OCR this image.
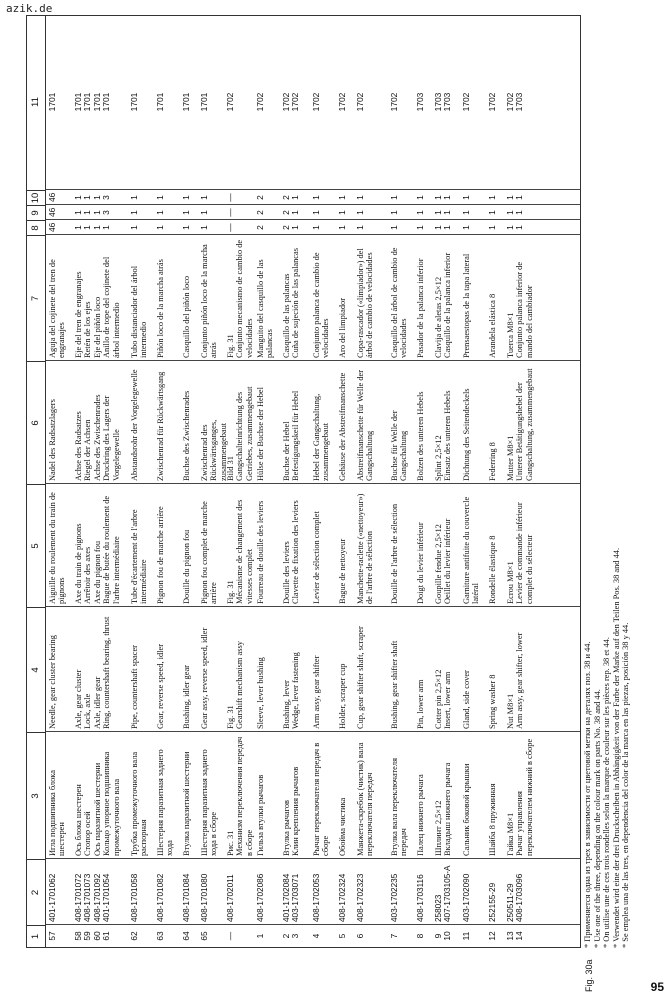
azik.de
1
2
3
4
5
6
7
8
9
10
11
57
401-1701062
Игла подшипника блока шестерен
Needle, gear cluster bearing
Aiguille du roulement du train de pignons
Nadel des Radsatzlagers
Aguja del cojinete del tren de engranajes
46
46
46
1701
58
59
60
61
408-1701072
408-1701073
408-1701092
401-1701054
Ось блока шестерен
Стопор осей
Ось паразитной шестерни
Кольцо упорное подшипника промежуточного вала
Axle, gear cluster
Lock, axle
Axle, idler gear
Ring, countershaft bearing, thrust
Axe du train de pignons
Arrêtoir des axes
Axe du pignon fou
Bague de butée du roulement de l'arbre intermédiaire
Achse des Radsatzes
Riegel der Achsen
Achse des Zwischenrades
Druckring des Lagers der Vorgelegewelle
Eje del tren de engranajes
Retén de los ejes
Eje del piñón loco
Anillo de tope del cojinete del árbol intermedio
1
1
1
1
1
1
1
3
1
1
1
3
1701
1701
1701
1701
62
408-1701058
Трубка промежуточного вала распорная
Pipe, countershaft spacer
Tube d'écartement de l'arbre intermédiaire
Abstandsrohr der Vorgelegewelle
Tubo distanciador del árbol intermedio
1
1
1
1701
63
408-1701082
Шестерня паразитная заднего хода
Gear, reverse speed, idler
Pignon fou de marche arrière
Zwischenrad für Rückwärtsgang
Piñón loco de la marcha atrás
1
1
1
1701
64
408-1701084
Втулка паразитной шестерни
Bushing, idler gear
Douille du pignon fou
Buchse des Zwischenrades
Casquillo del piñón loco
1
1
1
1701
65
408-1701080
Шестерня паразитная заднего хода в сборе
Gear assy, reverse speed, idler
Pignon fou complet de marche arrière
Zwischenrad des Rückwärtsganges, zusammengebaut
Conjunto piñón loco de la marcha atrás
1
1
1
1701
—
408-1702011
Рис. 31
Механизм переключения передач в сборе
Fig. 31
Gearshift mechanism assy
Fig. 31
Mécanisme de changement des vitesses complet
Bild 31
Gangschalteinrichtung des Getriebes, zusammengebaut
Fig. 31
Conjunto mecanismo de cambio de velocidades
—
—
—
1702
1
408-1702086
Гильза втулки рычагов
Sleeve, lever bushing
Fourreau de douille des leviers
Hülse der Buchse der Hebel
Manguito del casquillo de las palancas
2
2
2
1702
2
3
401-1702084
403-1703071
Втулка рычагов
Клин крепления рычагов
Bushing, lever
Wedge, lever fastening
Douille des leviers
Clavette de fixation des leviers
Buchse der Hebel
Befestigungskeil für Hebel
Casquillo de las palancas
Cuña de sujeción de las palancas
2
1
2
1
2
1
1702
1702
4
408-1702053
Рычаг переключателя передач в сборе
Arm assy, gear shifter
Levier de sélection complet
Hebel der Gangschaltung, zusammengebaut
Conjunto palanca de cambio de velocidades
1
1
1
1702
5
408-1702324
Обойма чистика
Holder, scraper cup
Bague de nettoyeur
Gehäuse der Abstreifmanschette
Aro del limpiador
1
1
1
1702
6
408-1702323
Манжета-скребок (чистик) вала переключателя передач
Cup, gear shifter shaft, scraper
Manchette-raclette («nettoyeur») de l'arbre de sélection
Abstreifmanschette für Welle der Gangschaltung
Copa-rascador («limpiador») del árbol de cambio de velocidades
1
1
1
1702
7
403-1702235
Втулка вала переключателя передач
Bushing, gear shifter shaft
Douille de l'arbre de sélection
Buchse für Welle der Gangschaltung
Casquillo del árbol de cambio de velocidades
1
1
1
1702
8
408-1703116
Палец нижнего рычага
Pin, lower arm
Doigt du levier inférieur
Bolzen des unteren Hebels
Pasador de la palanca inferior
1
1
1
1703
9
10
258023
407-1703105-А
Шплинт 2,5×12
Вкладыш нижнего рычага
Cotter pin 2,5×12
Insert, lower arm
Goupille fendue 2,5×12
Oeillet du levier inférieur
Splint 2,5×12
Einsatz des unteren Hebels
Clavija de aletas 2,5×12
Casquillo de la palanca inferior
1
1
1
1
1
1
1703
1703
11
403-1702090
Сальник боковой крышки
Gland, side cover
Garniture antifuite du couvercle latéral
Dichtung des Seitendeckels
Prensaestopas de la tapa lateral
1
1
1
1702
12
252155-29
Шайба 8 пружинная
Spring washer 8
Rondelle élastique 8
Federring 8
Arandela elástica 8
1
1
1
1702
13
14
250511-29
408-1703096
Гайка M8×1
Рычаг управления переключателем нижний в сборе
Nut M8×1
Arm assy, gear shifter, lower
Ecrou M8×1
Levier de commande inférieur complet du sélecteur
Mutter M8×1
Unterer Betätigungshebel der Gangschaltung, zusammengebaut
Tuerca M8×1
Conjunto palanca inferior de mando del cambiador
1
1
1
1
1
1
1702
1703
Fig. 30a

* Применяется одна из трех в зависимости от цветовой метки на деталях поз. 38 и 44. * Use one of the three, depending on the colour mark on parts No. 38 and 44. * On utilise une de ces trois rondelles selon la marque de couleur sur les pièces rep. 38 et 44. * Verwendet wird eine der drei Druckscheiben in Abhängigkeit von der Farbe der Marke auf den Teilen Pos. 38 and 44. * Se emplea una de las tres, en dependencia del color de la marca en las piezas, posición 38 y 44.

95
